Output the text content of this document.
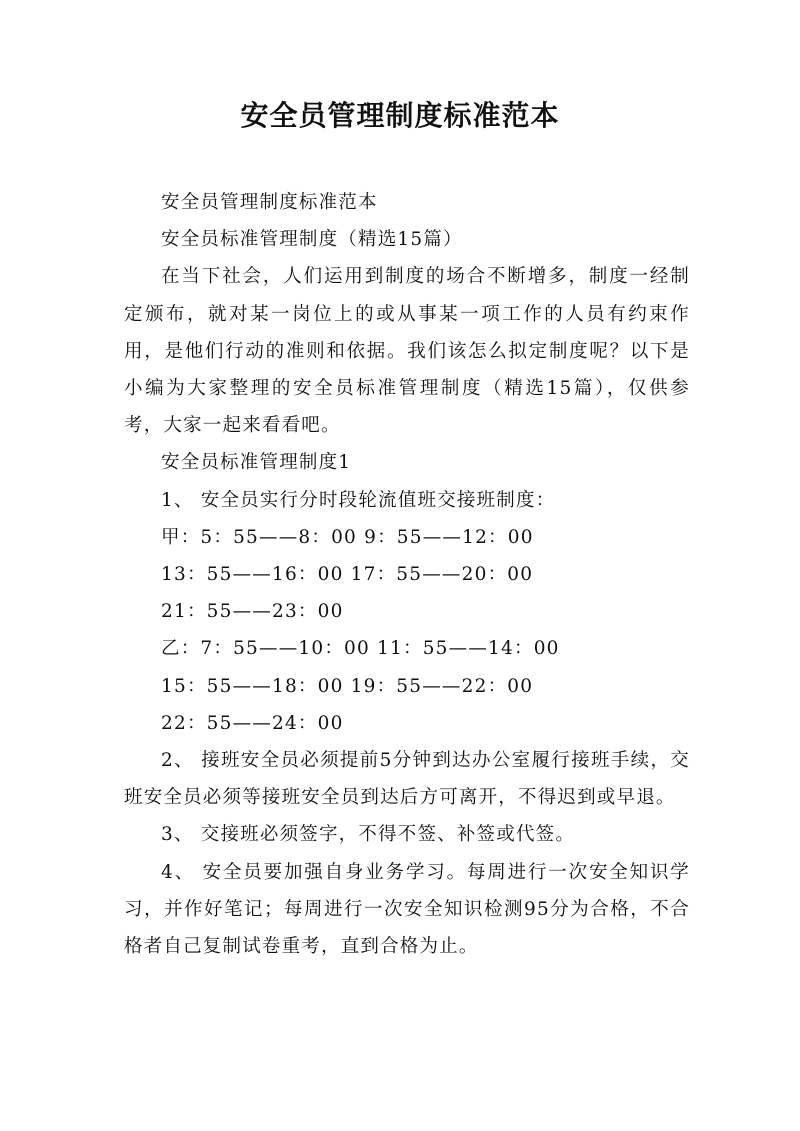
安全员管理制度标准范本

安全员管理制度标准范本

安全员标准管理制度（精选15篇）

在当下社会，人们运用到制度的场合不断增多，制度一经制定颁布，就对某一岗位上的或从事某一项工作的人员有约束作用，是他们行动的准则和依据。我们该怎么拟定制度呢？以下是小编为大家整理的安全员标准管理制度（精选15篇），仅供参考，大家一起来看看吧。

安全员标准管理制度1

1、 安全员实行分时段轮流值班交接班制度：

甲：5：55——8：00 9：55——12：00

13：55——16：00 17：55——20：00

21：55——23：00

乙：7：55——10：00 11：55——14：00

15：55——18：00 19：55——22：00

22：55——24：00

2、 接班安全员必须提前5分钟到达办公室履行接班手续，交班安全员必须等接班安全员到达后方可离开，不得迟到或早退。

3、 交接班必须签字，不得不签、补签或代签。

4、 安全员要加强自身业务学习。每周进行一次安全知识学习，并作好笔记；每周进行一次安全知识检测95分为合格，不合格者自己复制试卷重考，直到合格为止。
